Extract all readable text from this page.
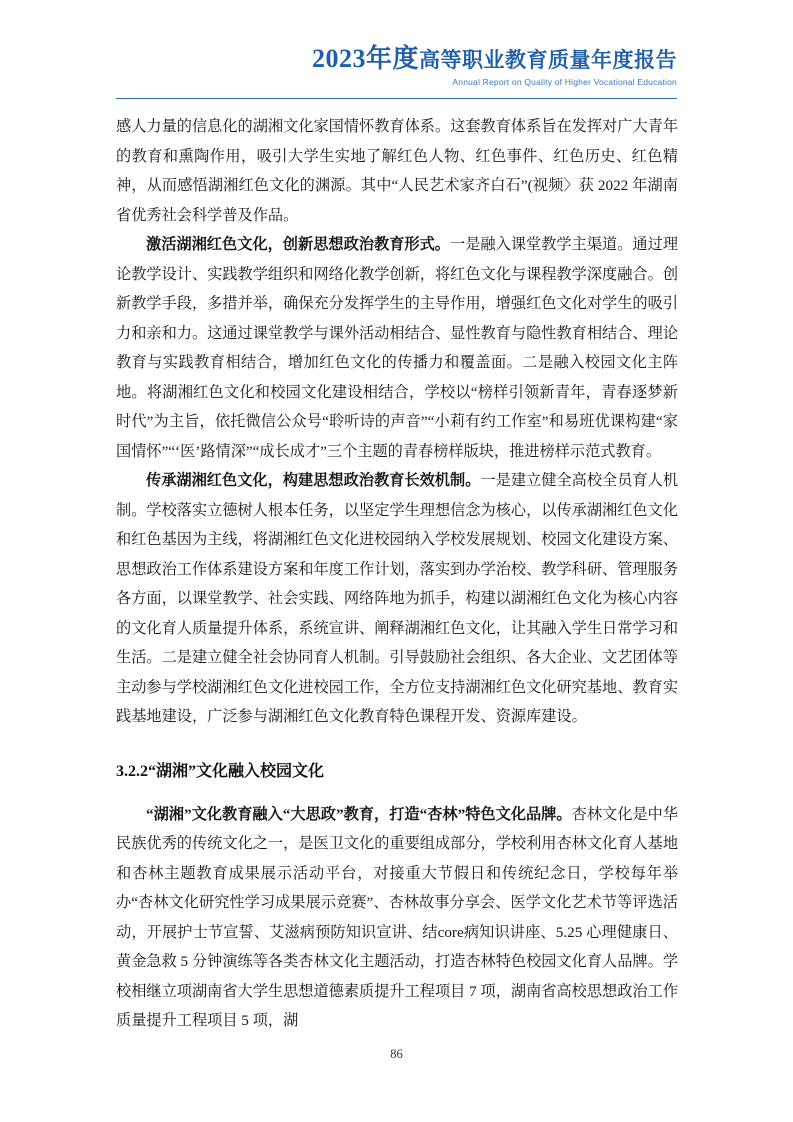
2023年度高等职业教育质量年度报告
Annual Report on Quality of Higher Vocational Education

感人力量的信息化的湖湘文化家国情怀教育体系。这套教育体系旨在发挥对广大青年的教育和熏陶作用，吸引大学生实地了解红色人物、红色事件、红色历史、红色精神，从而感悟湖湘红色文化的渊源。其中“人民艺术家齐白石”(视频〉获 2022 年湖南省优秀社会科学普及作品。

激活湖湘红色文化，创新思想政治教育形式。一是融入课堂教学主渠道。通过理论教学设计、实践教学组织和网络化教学创新，将红色文化与课程教学深度融合。创新教学手段，多措并举，确保充分发挥学生的主导作用，增强红色文化对学生的吸引力和亲和力。这通过课堂教学与课外活动相结合、显性教育与隐性教育相结合、理论教育与实践教育相结合，增加红色文化的传播力和覆盖面。二是融入校园文化主阵地。将湖湘红色文化和校园文化建设相结合，学校以“榜样引领新青年，青春逐梦新时代”为主旨，依托微信公众号“聆听诗的声音”“小莉有约工作室”和易班优课构建“家国情怀”“‘医’路情深”“成长成才”三个主题的青春榜样版块，推进榜样示范式教育。

传承湖湘红色文化，构建思想政治教育长效机制。一是建立健全高校全员育人机制。学校落实立德树人根本任务，以坚定学生理想信念为核心，以传承湖湘红色文化和红色基因为主线，将湖湘红色文化进校园纳入学校发展规划、校园文化建设方案、思想政治工作体系建设方案和年度工作计划，落实到办学治校、教学科研、管理服务各方面，以课堂教学、社会实践、网络阵地为抓手，构建以湖湘红色文化为核心内容的文化育人质量提升体系，系统宣讲、阐释湖湘红色文化，让其融入学生日常学习和生活。二是建立健全社会协同育人机制。引导鼓励社会组织、各大企业、文艺团体等主动参与学校湖湘红色文化进校园工作，全方位支持湖湘红色文化研究基地、教育实践基地建设，广泛参与湖湘红色文化教育特色课程开发、资源库建设。

3.2.2“湖湘”文化融入校园文化

“湖湘”文化教育融入“大思政”教育，打造“杏林”特色文化品牌。杏林文化是中华民族优秀的传统文化之一，是医卫文化的重要组成部分，学校利用杏林文化育人基地和杏林主题教育成果展示活动平台，对接重大节假日和传统纪念日，学校每年举办“杏林文化研究性学习成果展示竞赛”、杏林故事分享会、医学文化艺术节等评选活动，开展护士节宣誓、艾滋病预防知识宣讲、结core病知识讲座、5.25 心理健康日、黄金急救 5 分钟演练等各类杏林文化主题活动，打造杏林特色校园文化育人品牌。学校相继立项湖南省大学生思想道德素质提升工程项目 7 项，湖南省高校思想政治工作质量提升工程项目 5 项，湖

86
